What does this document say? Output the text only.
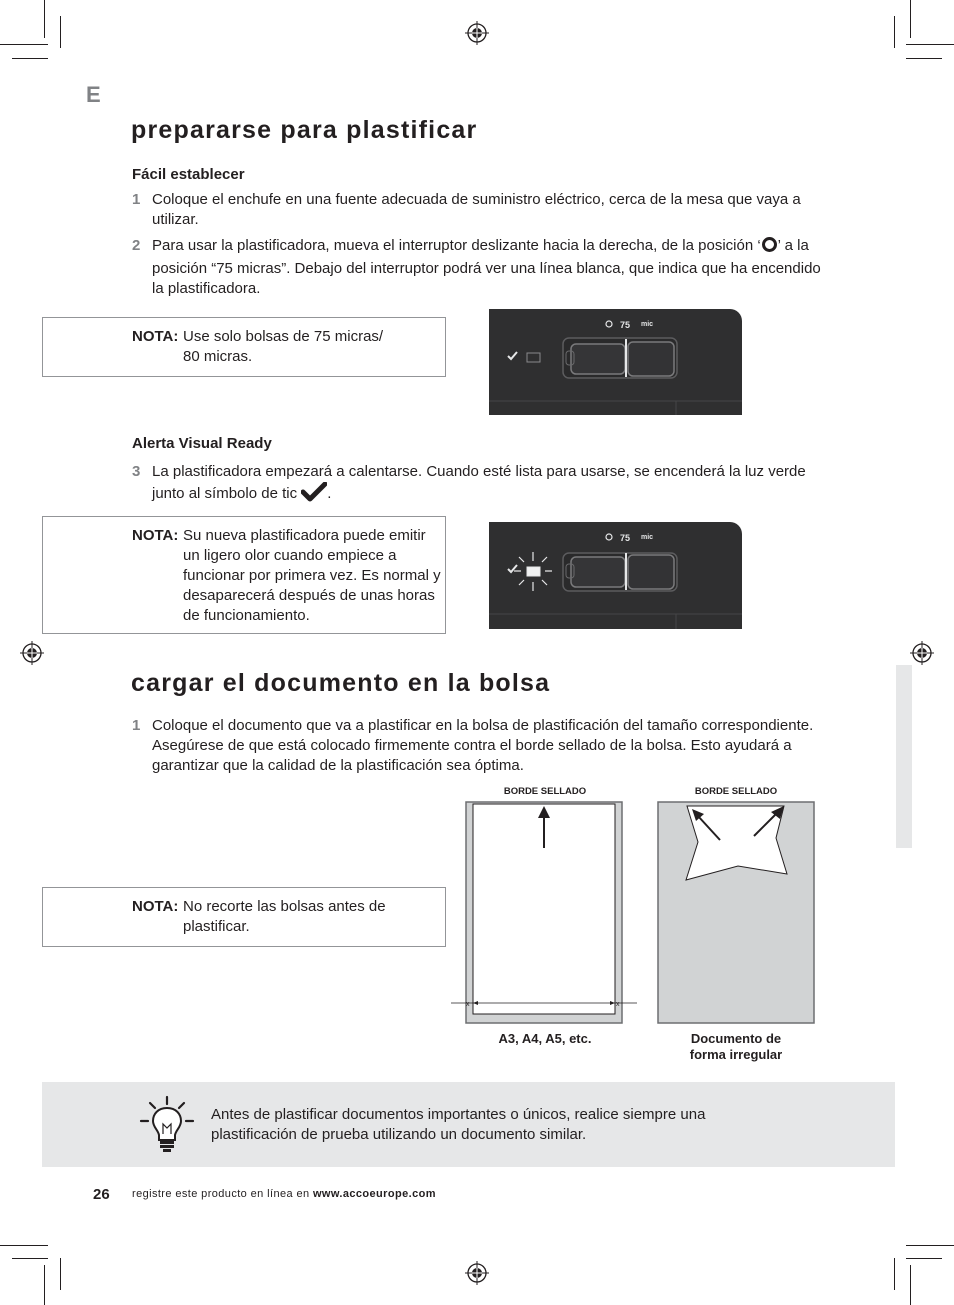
E
prepararse para plastificar
Fácil establecer
1 Coloque el enchufe en una fuente adecuada de suministro eléctrico, cerca de la mesa que vaya a utilizar.
2 Para usar la plastificadora, mueva el interruptor deslizante hacia la derecha, de la posición ‘ ’ a la posición “75 micras”. Debajo del interruptor podrá ver una línea blanca, que indica que ha encendido la plastificadora.
NOTA: Use solo bolsas de 75 micras/ 80 micras.
75 mic
Alerta Visual Ready
3 La plastificadora empezará a calentarse. Cuando esté lista para usarse, se encenderá la luz verde junto al símbolo de tic .
NOTA: Su nueva plastificadora puede emitir un ligero olor cuando empiece a funcionar por primera vez. Es normal y desaparecerá después de unas horas de funcionamiento.
75 mic
cargar el documento en la bolsa
1 Coloque el documento que va a plastificar en la bolsa de plastificación del tamaño correspondiente. Asegúrese de que está colocado firmemente contra el borde sellado de la bolsa. Esto ayudará a garantizar que la calidad de la plastificación sea óptima.
NOTA: No recorte las bolsas antes de plastificar.
BORDE SELLADO
x	x
A3, A4, A5, etc.
BORDE SELLADO
Documento de
forma irregular
Antes de plastificar documentos importantes o únicos, realice siempre una plastificación de prueba utilizando un documento similar.
26 registre este producto en línea en www.accoeurope.com
